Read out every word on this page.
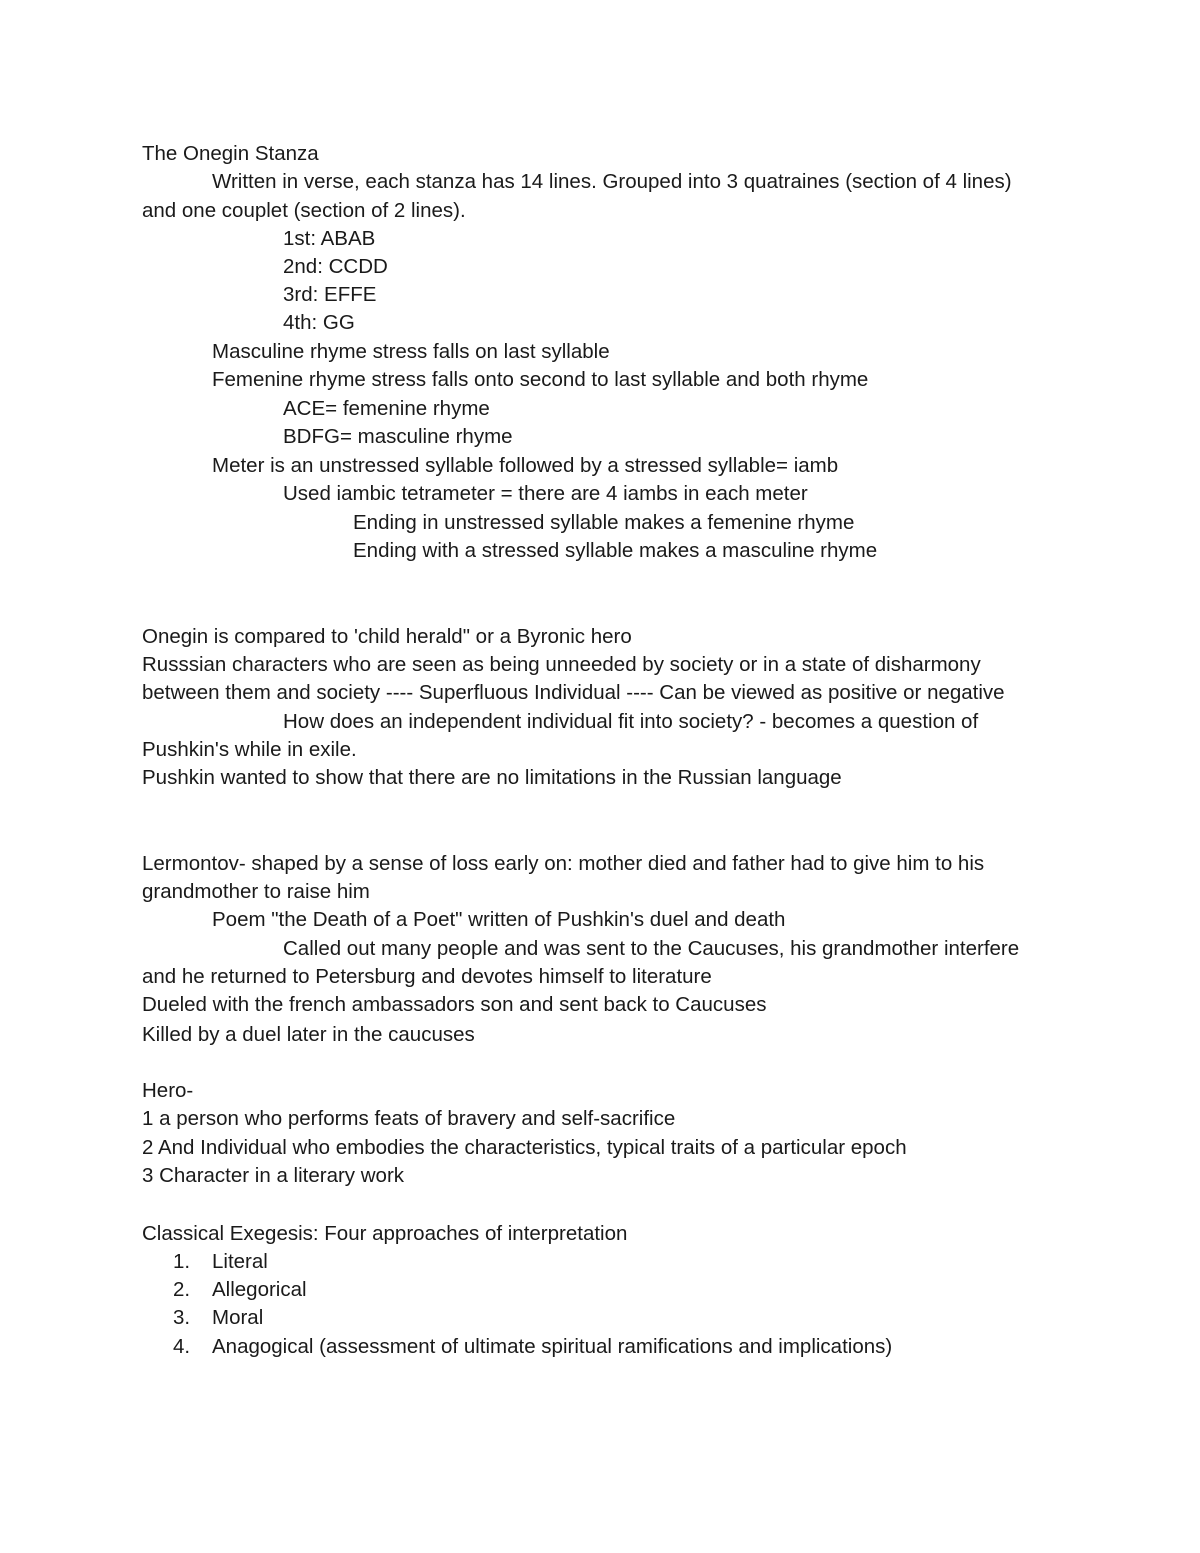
The Onegin Stanza

Written in verse, each stanza has 14 lines. Grouped into 3 quatraines (section of 4 lines)

and one couplet (section of 2 lines).

1st: ABAB

2nd: CCDD

3rd: EFFE

4th: GG

Masculine rhyme stress falls on last syllable

Femenine rhyme stress falls onto second to last syllable and both rhyme

ACE= femenine rhyme

BDFG= masculine rhyme

Meter is an unstressed syllable followed by a stressed syllable= iamb

Used iambic tetrameter = there are 4 iambs in each meter

Ending in unstressed syllable makes a femenine rhyme

Ending with a stressed syllable makes a masculine rhyme

Onegin is compared to 'child herald" or a Byronic hero

Russsian characters who are seen as being unneeded by society or in a state of disharmony

between them and society ---- Superfluous Individual ---- Can be viewed as positive or negative

How does an independent individual fit into society? - becomes a question of

Pushkin's while in exile.

Pushkin wanted to show that there are no limitations in the Russian language

Lermontov- shaped by a sense of loss early on: mother died and father had to give him to his

grandmother to raise him

Poem "the Death of a Poet" written of Pushkin's duel and death

Called out many people and was sent to the Caucuses, his grandmother interfere

and he returned to Petersburg and devotes himself to literature

Dueled with the french ambassadors son and sent back to Caucuses

Killed by a duel later in the caucuses

Hero-

1 a person who performs feats of bravery and self-sacrifice

2 And Individual who embodies the characteristics, typical traits of a particular epoch

3 Character in a literary work

Classical Exegesis: Four approaches of interpretation

1. Literal
2. Allegorical
3. Moral
4. Anagogical (assessment of ultimate spiritual ramifications and implications)
